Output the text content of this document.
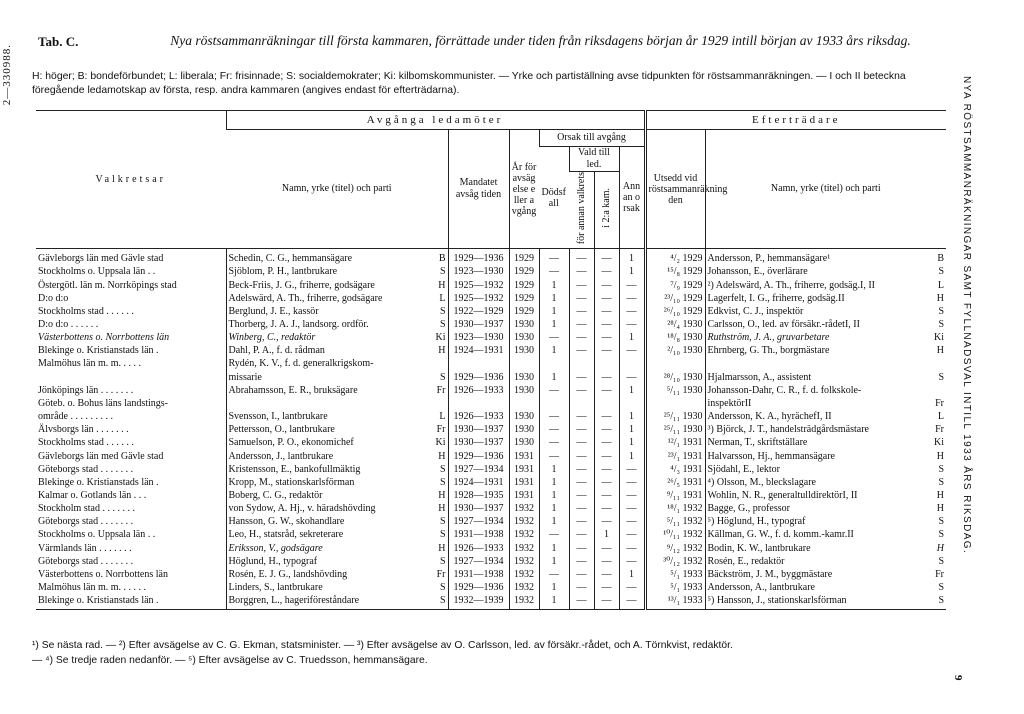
2—330988.
Tab. C.	Nya röstsammanräkningar till första kammaren, förrättade under tiden från riksdagens början år 1929 intill början av 1933 års riksdag.
H: höger; B: bondeförbundet; L: liberala; Fr: frisinnade; S: socialdemokrater; Ki: kilbomskommunister. — Yrke och partiställning avse tidpunkten för röstsammanräkningen. — I och II beteckna föregående ledamotskap av första, resp. andra kammaren (angives endast för efterträdarna).	NYA RÖSTSAMMANRÄKNINGAR SAMT FYLLNADSVAL INTILL 1933 ÅRS RIKSDAG.
9
Valkretsar	Avgånga ledamöter								Efterträdare		
	Namn, yrke (titel) och parti		Mandatet avsåg tiden	År för avsägelse eller avgång	Orsak till avgång				Utsedd vid röstsammanräkning den	Namn, yrke (titel) och parti	
					Dödsfall	Vald till led.		Annan orsak			
						för annan valkrets	i 2:a kam.				
Gävleborgs län med Gävle stad	Schedin, C. G., hemmansägare	B	1929—1936	1929	—	—	—	1	⁴/₂ 1929	Andersson, P., hemmansägare¹	B
Stockholms o. Uppsala län . .	Sjöblom, P. H., lantbrukare	S	1923—1930	1929	—	—	—	1	¹⁵/₈ 1929	Johansson, E., överlärare	S
Östergötl. län m. Norrköpings stad	Beck-Friis, J. G., friherre, godsägare	H	1925—1932	1929	1	—	—	—	⁷/₉ 1929	²) Adelswärd, A. Th., friherre, godsäg.I, II	L
D:o d:o	Adelswärd, A. Th., friherre, godsägare	L	1925—1932	1929	1	—	—	—	²³/₁₀ 1929	Lagerfelt, I. G., friherre, godsäg.II	H
Stockholms stad . . . . . .	Berglund, J. E., kassör	S	1922—1929	1929	1	—	—	—	²⁶/₁₀ 1929	Edkvist, C. J., inspektör	S
D:o d:o . . . . . .	Thorberg, J. A. J., landsorg. ordför.	S	1930—1937	1930	1	—	—	—	²⁸/₄ 1930	Carlsson, O., led. av försäkr.-rådetI, II	S
Västerbottens o. Norrbottens län	Winberg, C., redaktör	Ki	1923—1930	1930	—	—	—	1	¹⁸/₈ 1930	Ruthström, J. A., gruvarbetare	Ki
Blekinge o. Kristianstads län .	Dahl, P. A., f. d. rådman	H	1924—1931	1930	1	—	—	—	²/₁₀ 1930	Ehrnberg, G. Th., borgmästare	H
Malmöhus län m. m. . . . .	Rydén, K. V., f. d. generalkrigskom-										
	missarie	S	1929—1936	1930	1	—	—	—	²⁸/₁₀ 1930	Hjalmarsson, A., assistent	S
Jönköpings län . . . . . . .	Abrahamsson, E. R., bruksägare	Fr	1926—1933	1930	—	—	—	1	⁵/₁₁ 1930	Johansson-Dahr, C. R., f. d. folkskole-	
Göteb. o. Bohus läns landstings-										inspektörII	Fr
område . . . . . . . . .	Svensson, I., lantbrukare	L	1926—1933	1930	—	—	—	1	²⁵/₁₁ 1930	Andersson, K. A., hyrächefI, II	L
Älvsborgs län . . . . . . .	Pettersson, O., lantbrukare	Fr	1930—1937	1930	—	—	—	1	²⁵/₁₁ 1930	³) Björck, J. T., handelsträdgårdsmästare	Fr
Stockholms stad . . . . . .	Samuelson, P. O., ekonomichef	Ki	1930—1937	1930	—	—	—	1	¹²/₁ 1931	Nerman, T., skriftställare	Ki
Gävleborgs län med Gävle stad	Andersson, J., lantbrukare	H	1929—1936	1931	—	—	—	1	²³/₁ 1931	Halvarsson, Hj., hemmansägare	H
Göteborgs stad . . . . . . .	Kristensson, E., bankofullmäktig	S	1927—1934	1931	1	—	—	—	⁴/₃ 1931	Sjödahl, E., lektor	S
Blekinge o. Kristianstads län .	Kropp, M., stationskarlsförman	S	1924—1931	1931	1	—	—	—	²⁶/₅ 1931	⁴) Olsson, M., bleckslagare	S
Kalmar o. Gotlands län . . .	Boberg, C. G., redaktör	H	1928—1935	1931	1	—	—	—	⁹/₁₁ 1931	Wohlin, N. R., generaltulldirektörI, II	H
Stockholm stad . . . . . . .	von Sydow, A. Hj., v. häradshövding	H	1930—1937	1932	1	—	—	—	¹⁸/₁ 1932	Bagge, G., professor	H
Göteborgs stad . . . . . . .	Hansson, G. W., skohandlare	S	1927—1934	1932	1	—	—	—	⁵/₁₁ 1932	⁵) Höglund, H., typograf	S
Stockholms o. Uppsala län . .	Leo, H., statsråd, sekreterare	S	1931—1938	1932	—	—	1	—	¹⁰/₁₁ 1932	Källman, G. W., f. d. komm.-kamr.II	S
Värmlands län . . . . . . .	Eriksson, V., godsägare	H	1926—1933	1932	1	—	—	—	⁹/₁₂ 1932	Bodin, K. W., lantbrukare	H
Göteborgs stad . . . . . . .	Höglund, H., typograf	S	1927—1934	1932	1	—	—	—	³⁰/₁₂ 1932	Rosén, E., redaktör	S
Västerbottens o. Norrbottens län	Rosén, E. J. G., landshövding	Fr	1931—1938	1932	—	—	—	1	⁵/₁ 1933	Bäckström, J. M., byggmästare	Fr
Malmöhus län m. m. . . . . .	Linders, S., lantbrukare	S	1929—1936	1932	1	—	—	—	⁵/₁ 1933	Andersson, A., lantbrukare	S
Blekinge o. Kristianstads län .	Borggren, L., hageriföreståndare	S	1932—1939	1932	1	—	—	—	¹³/₁ 1933	⁵) Hansson, J., stationskarlsförman	S
¹) Se nästa rad. — ²) Efter avsägelse av C. G. Ekman, statsminister. — ³) Efter avsägelse av O. Carlsson, led. av försäkr.-rådet, och A. Törnkvist, redaktör.
— ⁴) Se tredje raden nedanför. — ⁵) Efter avsägelse av C. Truedsson, hemmansägare.
